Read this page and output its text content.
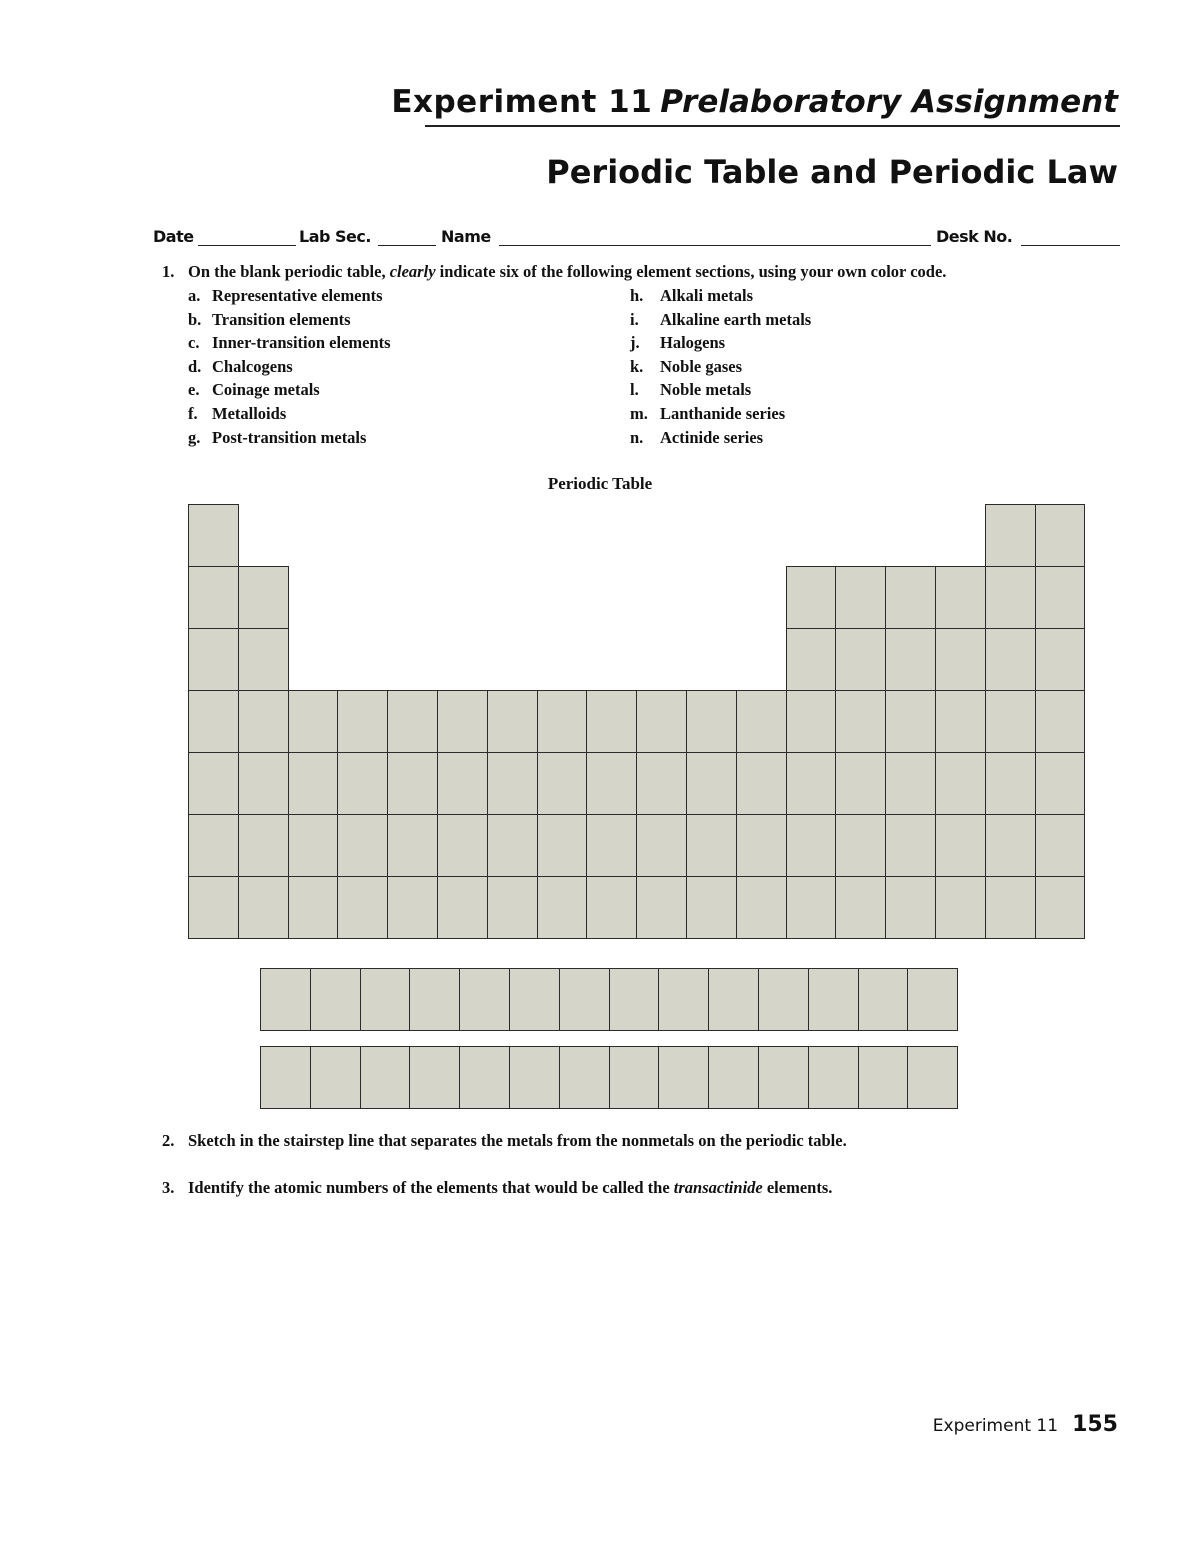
Experiment 11 Prelaboratory Assignment
Periodic Table and Periodic Law
Date	Lab Sec.	Name	Desk No.
1. On the blank periodic table, clearly indicate six of the following element sections, using your own color code.
a. Representative elements
b. Transition elements
c. Inner-transition elements
d. Chalcogens
e. Coinage metals
f. Metalloids
g. Post-transition metals
h. Alkali metals
i. Alkaline earth metals
j. Halogens
k. Noble gases
l. Noble metals
m. Lanthanide series
n. Actinide series
Periodic Table
2. Sketch in the stairstep line that separates the metals from the nonmetals on the periodic table.
3. Identify the atomic numbers of the elements that would be called the transactinide elements.
Experiment 11 155
